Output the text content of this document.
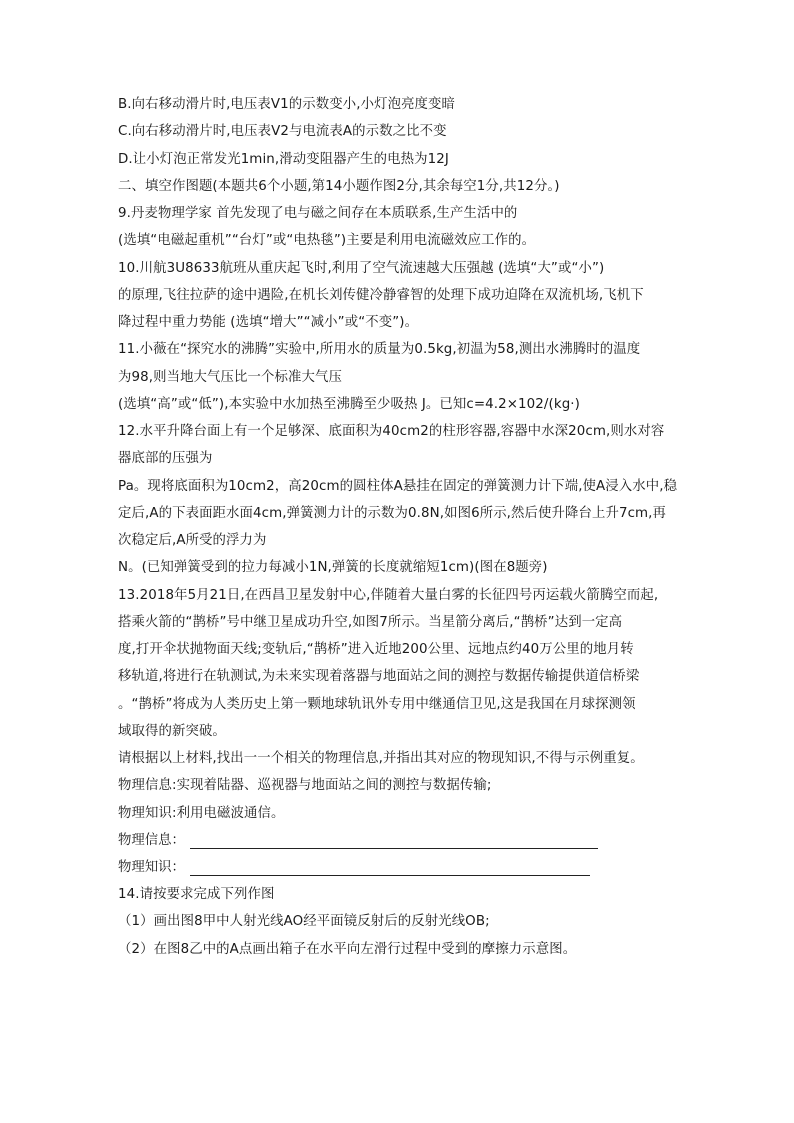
B.向右移动滑片时,电压表V1的示数变小,小灯泡亮度变暗
C.向右移动滑片时,电压表V2与电流表A的示数之比不变
D.让小灯泡正常发光1min,滑动变阻器产生的电热为12J
二、填空作图题(本题共6个小题,第14小题作图2分,其余每空1分,共12分。)
9.丹麦物理学家 首先发现了电与磁之间存在本质联系,生产生活中的
(选填“电磁起重机”“台灯”或“电热毯”)主要是利用电流磁效应工作的。
10.川航3U8633航班从重庆起飞时,利用了空气流速越大压强越 (选填“大”或“小”)
的原理,飞往拉萨的途中遇险,在机长刘传健冷静睿智的处理下成功迫降在双流机场,飞机下
降过程中重力势能 (选填“增大”“减小”或“不变”)。
11.小薇在“探究水的沸腾”实验中,所用水的质量为0.5kg,初温为58,测出水沸腾时的温度
为98,则当地大气压比一个标准大气压
(选填“高”或“低”),本实验中水加热至沸腾至少吸热 J。已知c=4.2×102/(kg·)
12.水平升降台面上有一个足够深、底面积为40cm2的柱形容器,容器中水深20cm,则水对容
器底部的压强为
Pa。现将底面积为10cm2，高20cm的圆柱体A悬挂在固定的弹簧测力计下端,使A浸入水中,稳
定后,A的下表面距水面4cm,弹簧测力计的示数为0.8N,如图6所示,然后使升降台上升7cm,再
次稳定后,A所受的浮力为
N。(已知弹簧受到的拉力每减小1N,弹簧的长度就缩短1cm)(图在8题旁)
13.2018年5月21日,在西昌卫星发射中心,伴随着大量白雾的长征四号丙运载火箭腾空而起,
搭乘火箭的“鹊桥”号中继卫星成功升空,如图7所示。当星箭分离后,“鹊桥”达到一定高
度,打开伞状抛物面天线;变轨后,“鹊桥”进入近地200公里、远地点约40万公里的地月转
移轨道,将进行在轨测试,为未来实现着落器与地面站之间的测控与数据传输提供道信桥梁
。“鹊桥”将成为人类历史上第一颗地球轨讯外专用中继通信卫见,这是我国在月球探测领
域取得的新突破。
请根据以上材料,找出一一个相关的物理信息,并指出其对应的物现知识,不得与示例重复。
物理信息:实现着陆器、巡视器与地面站之间的测控与数据传输;
物理知识:利用电磁波通信。
物理信息：
物理知识：
14.请按要求完成下列作图
（1）画出图8甲中人射光线AO经平面镜反射后的反射光线OB;
（2）在图8乙中的A点画出箱子在水平向左滑行过程中受到的摩擦力示意图。
